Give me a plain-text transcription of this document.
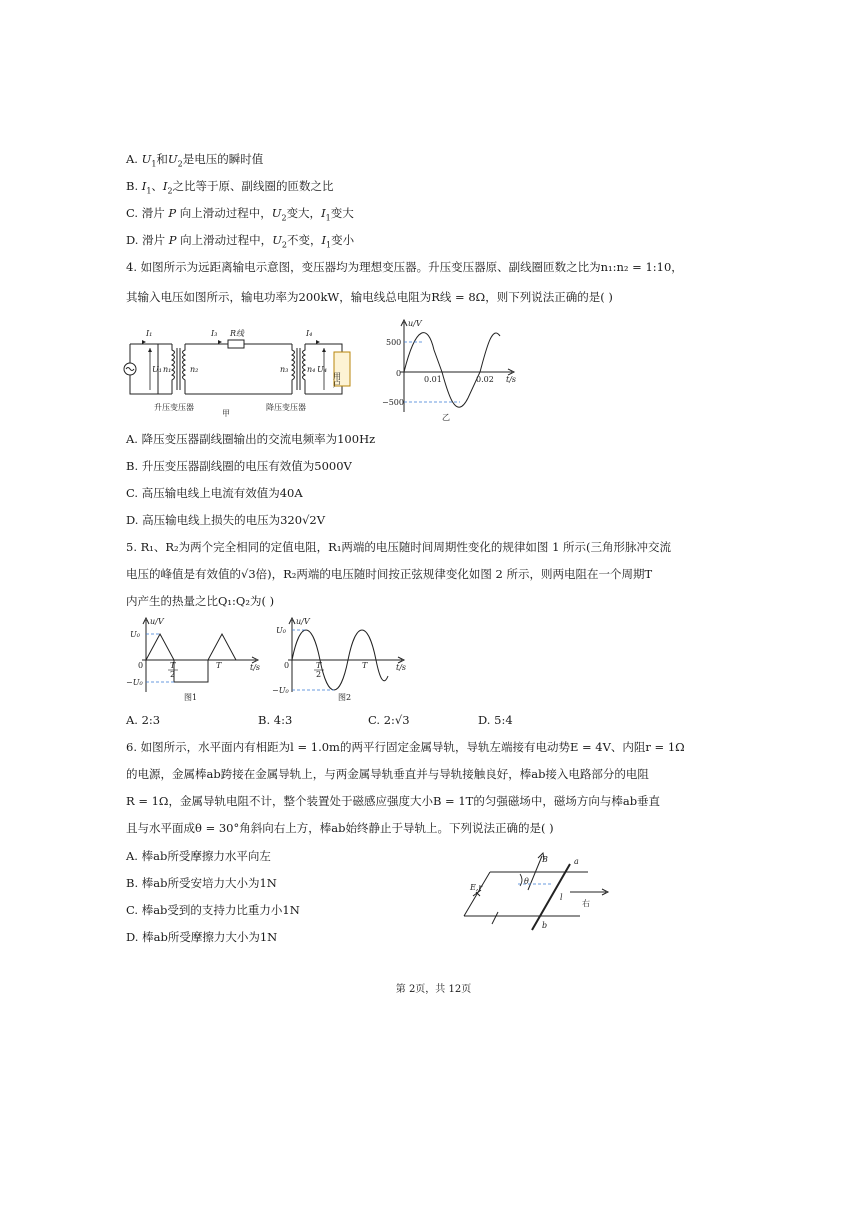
A. $U_1$和$U_2$是电压的瞬时值
B. $I_1$、$I_2$之比等于原、副线圈的匝数之比
C. 滑片 P 向上滑动过程中，$U_2$变大，$I_1$变大
D. 滑片 P 向上滑动过程中，$U_2$不变，$I_1$变小
4. 如图所示为远距离输电示意图，变压器均为理想变压器。升压变压器原、副线圈匝数之比为n₁:n₂ = 1:10，
其输入电压如图所示，输电功率为200kW，输电线总电阻为R线 = 8Ω，则下列说法正确的是( )
I₁	I₃ R线	I₄
U₁ n₁ n₂	n₃ n₄ U₄
用户
升压变压器
甲
降压变压器
u/V
t/s
500
−500
0
0.01	0.02
乙
A. 降压变压器副线圈输出的交流电频率为100Hz
B. 升压变压器副线圈的电压有效值为5000V
C. 高压输电线上电流有效值为40A
D. 高压输电线上损失的电压为320√2V
5. R₁、R₂为两个完全相同的定值电阻，R₁两端的电压随时间周期性变化的规律如图 1 所示(三角形脉冲交流
电压的峰值是有效值的√3倍)，R₂两端的电压随时间按正弦规律变化如图 2 所示，则两电阻在一个周期T
内产生的热量之比Q₁:Q₂为( )
u/V
t/s
U₀
−U₀
0	T
2
T
图1
u/V
t/s
U₀
−U₀
0	T
2
T
图2
A. 2:3	B. 4:3	C. 2:√3	D. 5:4
6. 如图所示，水平面内有相距为l = 1.0m的两平行固定金属导轨，导轨左端接有电动势E = 4V、内阻r = 1Ω
的电源，金属棒ab跨接在金属导轨上，与两金属导轨垂直并与导轨接触良好，棒ab接入电路部分的电阻
R = 1Ω，金属导轨电阻不计，整个装置处于磁感应强度大小B = 1T的匀强磁场中，磁场方向与棒ab垂直
且与水平面成θ = 30°角斜向右上方，棒ab始终静止于导轨上。下列说法正确的是( )
A. 棒ab所受摩擦力水平向左
B. 棒ab所受安培力大小为1N
C. 棒ab受到的支持力比重力小1N
D. 棒ab所受摩擦力大小为1N
B	a
E,r
θ
l
右
b
第 2页，共 12页
